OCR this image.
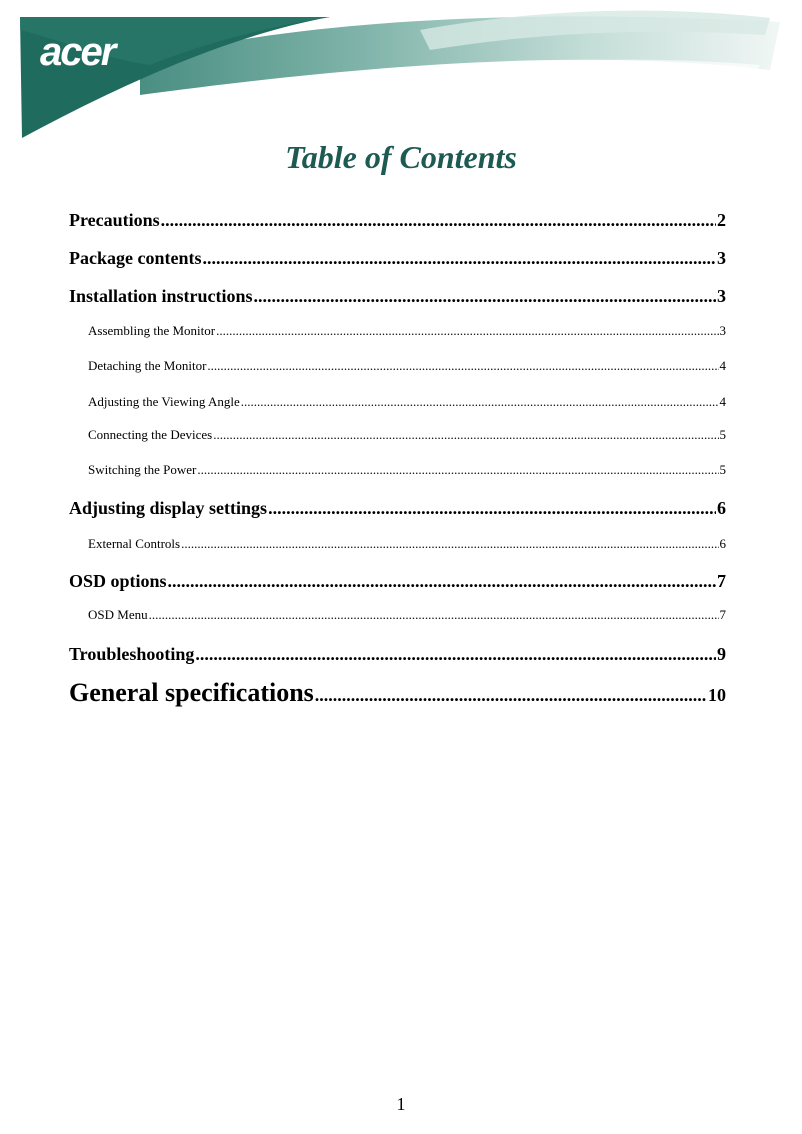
acer
Table of Contents
Precautions .....	2
Package contents .....	3
Installation instructions .....	3
Assembling the Monitor .....	3
Detaching the Monitor .....	4
Adjusting the Viewing Angle .....	4
Connecting the Devices .....	5
Switching the Power .....	5
Adjusting display settings .....	6
External Controls .....	6
OSD options .....	7
OSD Menu .....	7
Troubleshooting .....	9
General specifications .....	10
1
